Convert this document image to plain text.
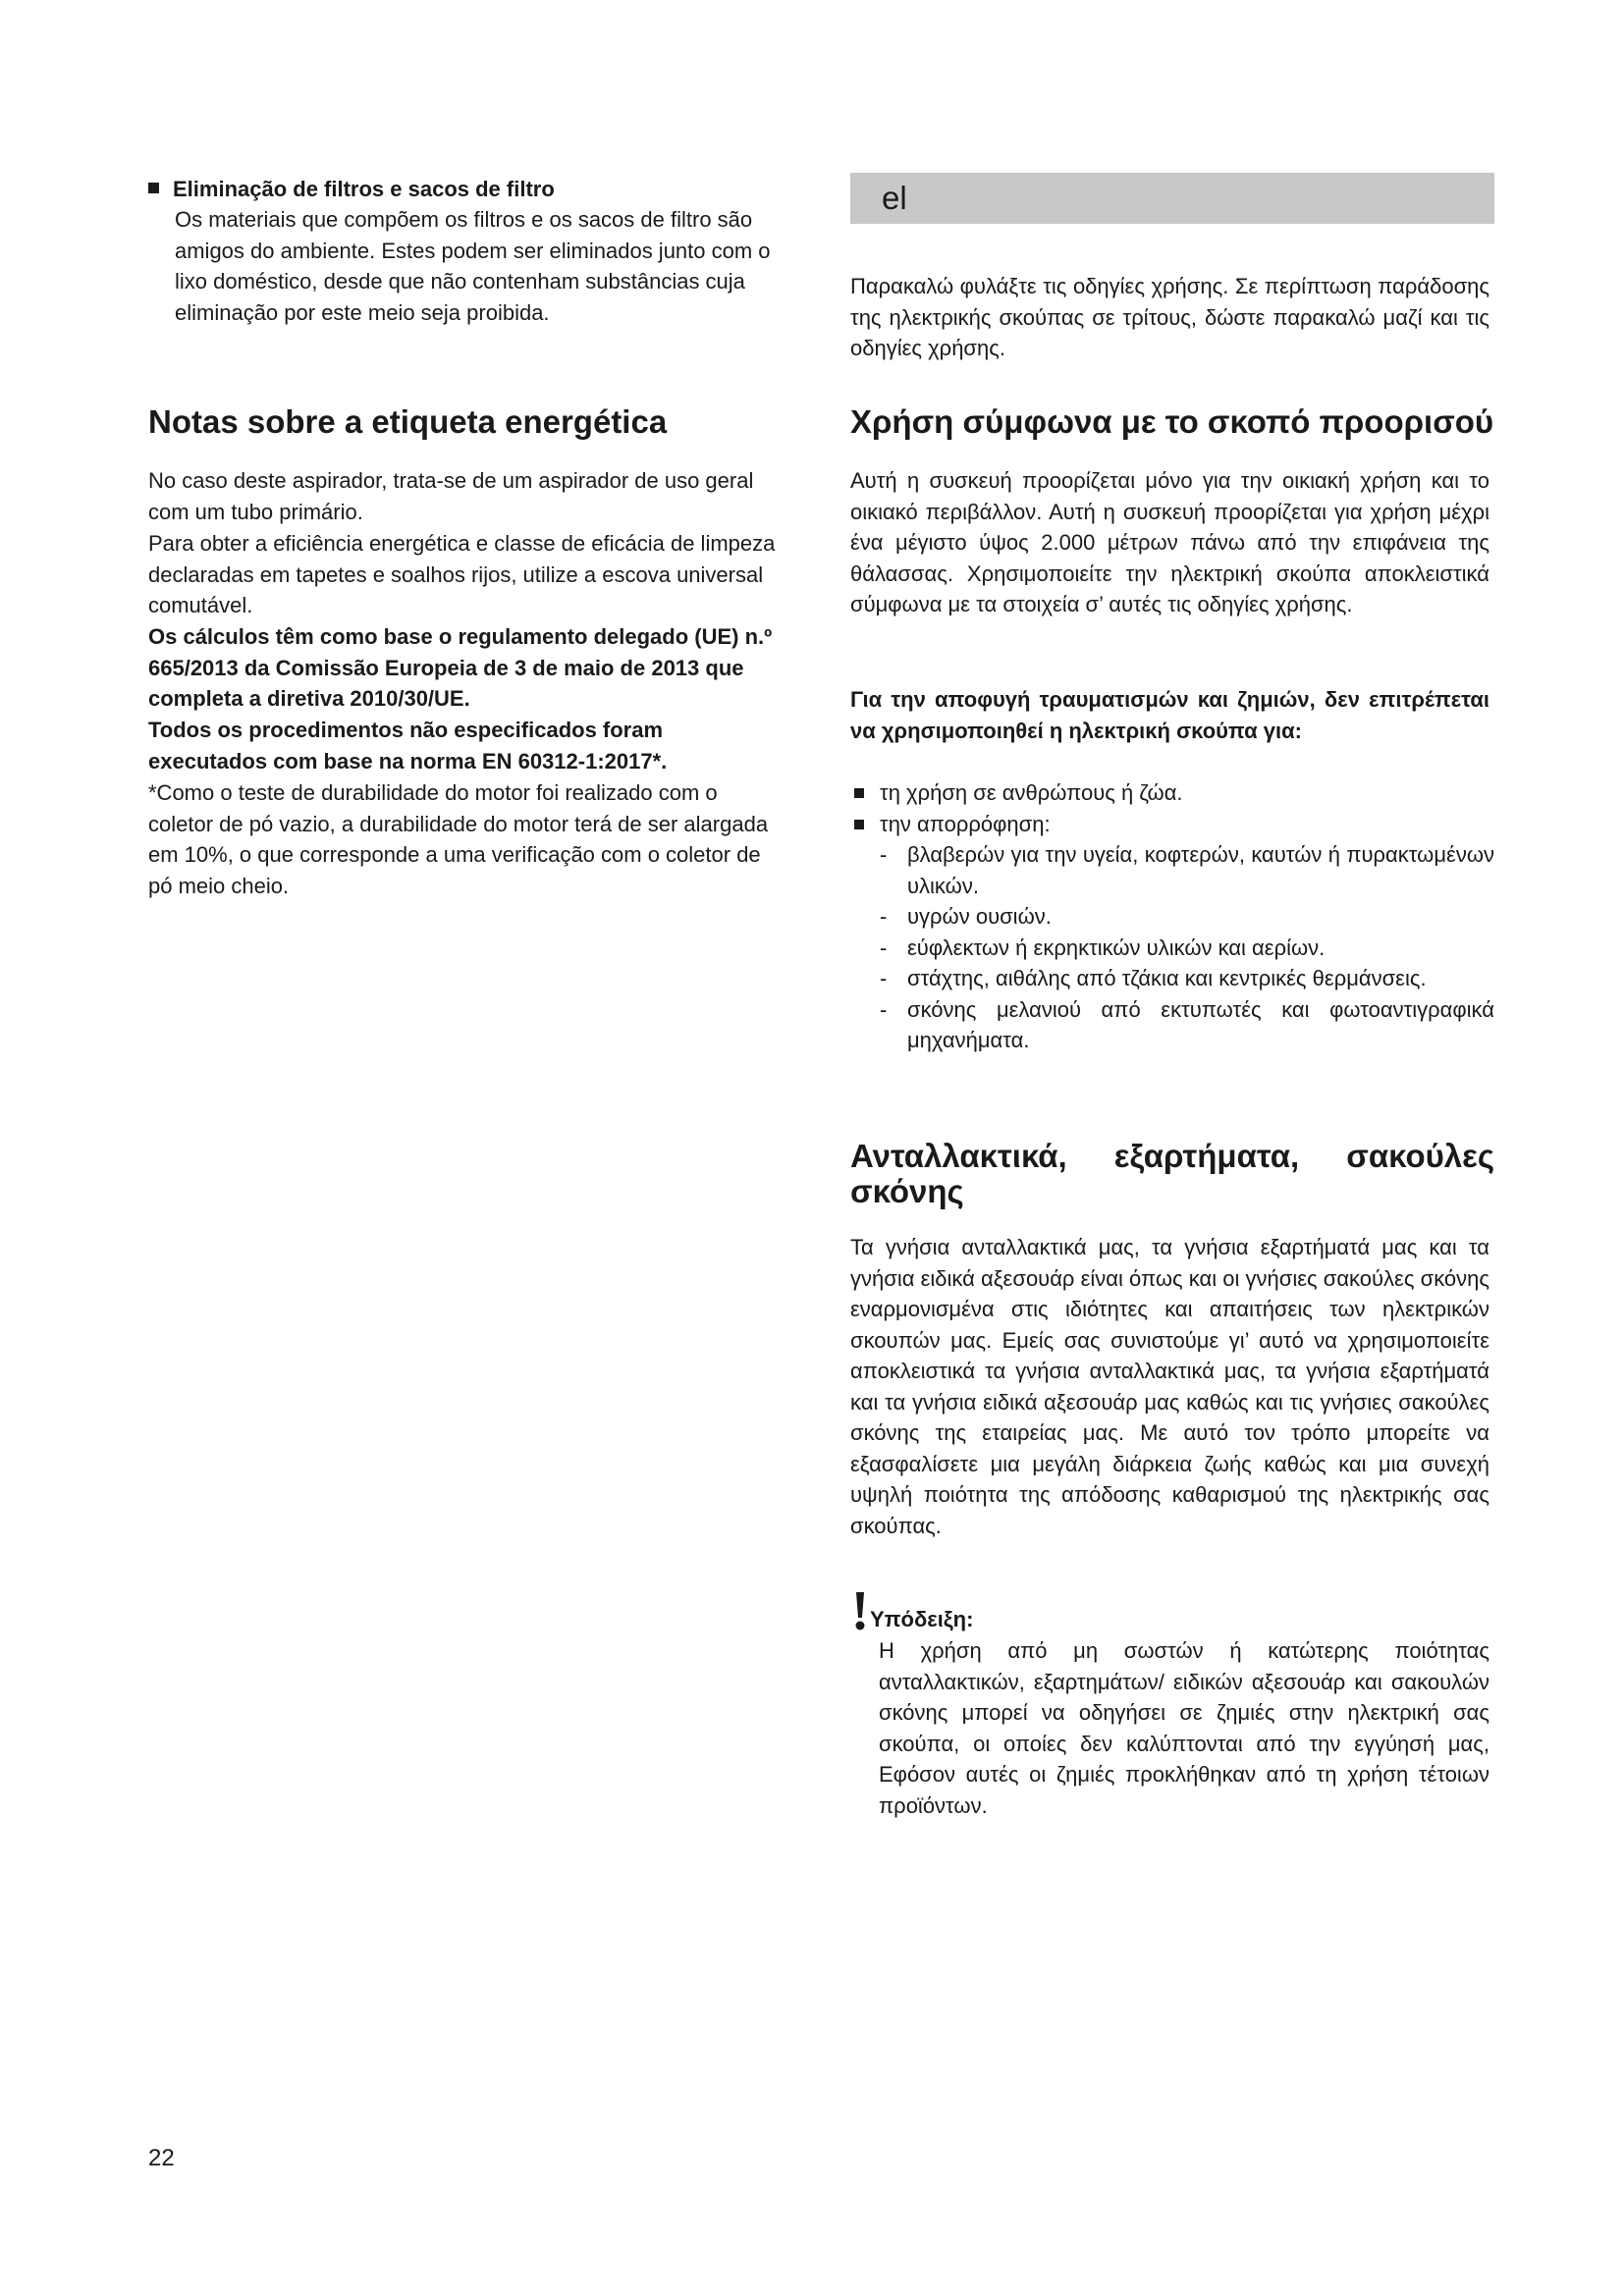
Eliminação de filtros e sacos de filtro
Os materiais que compõem os filtros e os sacos de filtro são amigos do ambiente. Estes podem ser eliminados junto com o lixo doméstico, desde que não contenham substâncias cuja eliminação por este meio seja proibida.
Notas sobre a etiqueta energética
No caso deste aspirador, trata-se de um aspirador de uso geral com um tubo primário.
Para obter a eficiência energética e classe de eficácia de limpeza declaradas em tapetes e soalhos rijos, utilize a escova universal comutável.
Os cálculos têm como base o regulamento delegado (UE) n.º 665/2013 da Comissão Europeia de 3 de maio de 2013 que completa a diretiva 2010/30/UE.
Todos os procedimentos não especificados foram executados com base na norma EN 60312-1:2017*.
*Como o teste de durabilidade do motor foi realizado com o coletor de pó vazio, a durabilidade do motor terá de ser alargada em 10%, o que corresponde a uma verificação com o coletor de pó meio cheio.
el
Παρακαλώ φυλάξτε τις οδηγίες χρήσης. Σε περίπτωση παράδοσης της ηλεκτρικής σκούπας σε τρίτους, δώστε παρακαλώ μαζί και τις οδηγίες χρήσης.
Χρήση σύμφωνα με το σκοπό προορισού
Αυτή η συσκευή προορίζεται μόνο για την οικιακή χρήση και το οικιακό περιβάλλον. Αυτή η συσκευή προορίζεται για χρήση μέχρι ένα μέγιστο ύψος 2.000 μέτρων πάνω από την επιφάνεια της θάλασσας. Χρησιμοποιείτε την ηλεκτρική σκούπα αποκλειστικά σύμφωνα με τα στοιχεία σ’ αυτές τις οδηγίες χρήσης.
Για την αποφυγή τραυματισμών και ζημιών, δεν επιτρέπεται να χρησιμοποιηθεί η ηλεκτρική σκούπα για:
τη χρήση σε ανθρώπους ή ζώα.
την απορρόφηση:
- βλαβερών για την υγεία, κοφτερών, καυτών ή πυρακτωμένων υλικών.
- υγρών ουσιών.
- εύφλεκτων ή εκρηκτικών υλικών και αερίων.
- στάχτης, αιθάλης από τζάκια και κεντρικές θερμάνσεις.
- σκόνης μελανιού από εκτυπωτές και φωτοαντιγραφικά μηχανήματα.
Ανταλλακτικά, εξαρτήματα, σακούλες σκόνης
Τα γνήσια ανταλλακτικά μας, τα γνήσια εξαρτήματά μας και τα γνήσια ειδικά αξεσουάρ είναι όπως και οι γνήσιες σακούλες σκόνης εναρμονισμένα στις ιδιότητες και απαιτήσεις των ηλεκτρικών σκουπών μας. Εμείς σας συνιστούμε γι’ αυτό να χρησιμοποιείτε αποκλειστικά τα γνήσια ανταλλακτικά μας, τα γνήσια εξαρτήματά και τα γνήσια ειδικά αξεσουάρ μας καθώς και τις γνήσιες σακούλες σκόνης της εταιρείας μας. Με αυτό τον τρόπο μπορείτε να εξασφαλίσετε μια μεγάλη διάρκεια ζωής καθώς και μια συνεχή υψηλή ποιότητα της απόδοσης καθαρισμού της ηλεκτρικής σας σκούπας.
Υπόδειξη:
Η χρήση από μη σωστών ή κατώτερης ποιότητας ανταλλακτικών, εξαρτημάτων/ ειδικών αξεσουάρ και σακουλών σκόνης μπορεί να οδηγήσει σε ζημιές στην ηλεκτρική σας σκούπα, οι οποίες δεν καλύπτονται από την εγγύησή μας, Εφόσον αυτές οι ζημιές προκλήθηκαν από τη χρήση τέτοιων προϊόντων.
22
